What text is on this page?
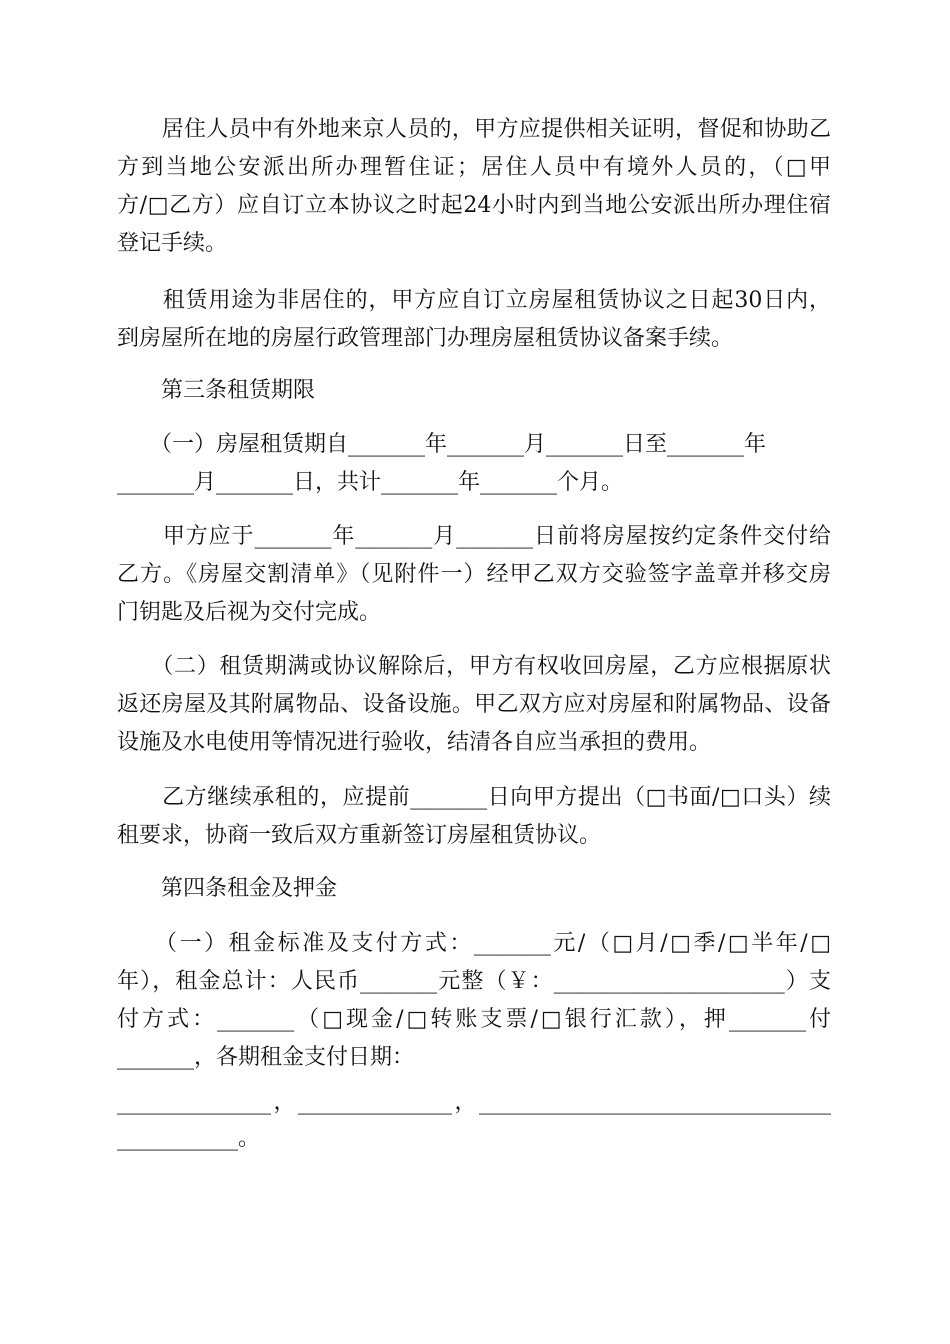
　　居住人员中有外地来京人员的，甲方应提供相关证明，督促和协助乙
方到当地公安派出所办理暂住证；居住人员中有境外人员的，（□甲
方/□乙方）应自订立本协议之时起24小时内到当地公安派出所办理住宿
登记手续。
　　租赁用途为非居住的，甲方应自订立房屋租赁协议之日起30日内，
到房屋所在地的房屋行政管理部门办理房屋租赁协议备案手续。
　　第三条租赁期限
　　（一）房屋租赁期自_______年_______月_______日至_______年
_______月_______日，共计_______年_______个月。
　　甲方应于_______年_______月_______日前将房屋按约定条件交付给
乙方。《房屋交割清单》（见附件一）经甲乙双方交验签字盖章并移交房
门钥匙及后视为交付完成。
　　（二）租赁期满或协议解除后，甲方有权收回房屋，乙方应根据原状
返还房屋及其附属物品、设备设施。甲乙双方应对房屋和附属物品、设备
设施及水电使用等情况进行验收，结清各自应当承担的费用。
　　乙方继续承租的，应提前_______日向甲方提出（□书面/□口头）续
租要求，协商一致后双方重新签订房屋租赁协议。
　　第四条租金及押金
　　（一）租金标准及支付方式：_______元/（□月/□季/□半年/□
年），租金总计：人民币_______元整（￥：_____________________）支
付方式：_______（□现金/□转账支票/□银行汇款），押_______付
_______，各期租金支付日期：
______________，______________，________________________________
___________。
